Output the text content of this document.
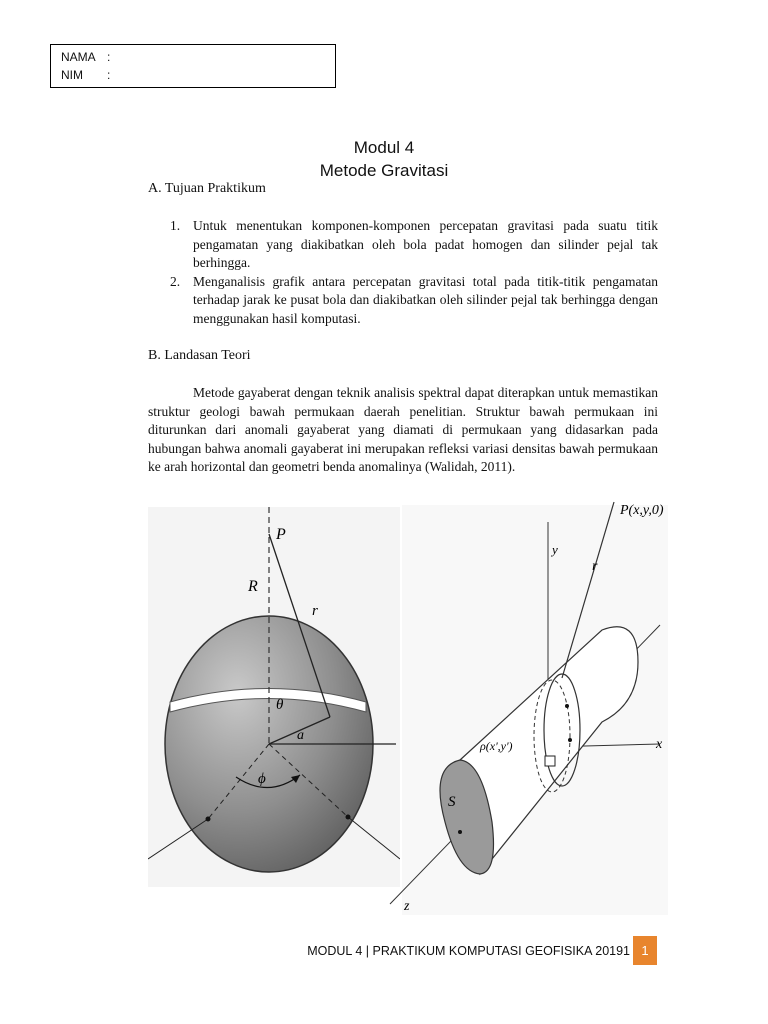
NAMA :
NIM :
Modul 4
Metode Gravitasi
A. Tujuan Praktikum
1. Untuk menentukan komponen-komponen percepatan gravitasi pada suatu titik pengamatan yang diakibatkan oleh bola padat homogen dan silinder pejal tak berhingga.
2. Menganalisis grafik antara percepatan gravitasi total pada titik-titik pengamatan terhadap jarak ke pusat bola dan diakibatkan oleh silinder pejal tak berhingga dengan menggunakan hasil komputasi.
B. Landasan Teori

Metode gayaberat dengan teknik analisis spektral dapat diterapkan untuk memastikan struktur geologi bawah permukaan daerah penelitian. Struktur bawah permukaan ini diturunkan dari anomali gayaberat yang diamati di permukaan yang didasarkan pada hubungan bahwa anomali gayaberat ini merupakan refleksi variasi densitas bawah permukaan ke arah horizontal dan geometri benda anomalinya (Walidah, 2011).

P
R
r
θ
a
ϕ
P(x,y,0)
y
r
x
ρ(x',y')
S
z
MODUL 4 | PRAKTIKUM KOMPUTASI GEOFISIKA 20191 1
